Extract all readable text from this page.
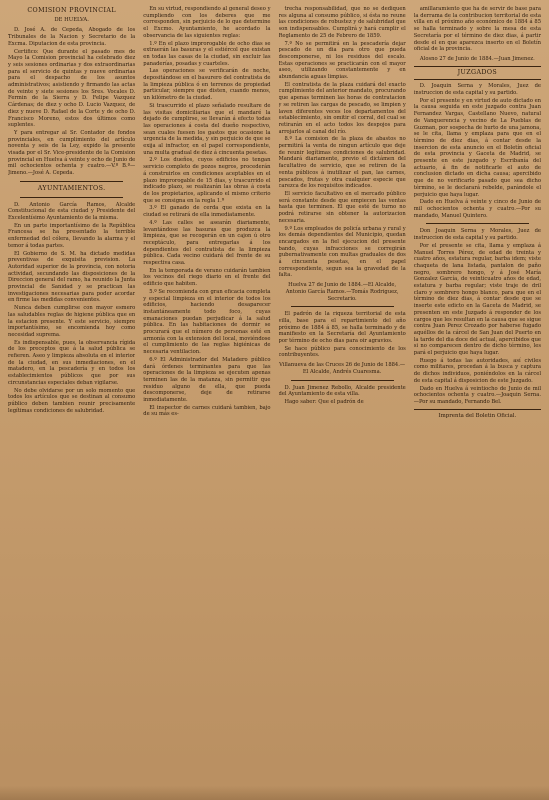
COMISION PROVINCIAL
DE HUELVA.

D. José A. de Cepeda, Abogado de los Tribunales de la Nacion y Secretario de la Excma. Diputacion de esta provincia.

Certifico: Que durante el pasado mes de Mayo la Comision provincial ha celebrado diez y seis sesiones ordinarias y dos extraordinarias para el servicio de quintas y nueve ordinarias para el despacho de los asuntos administrativos; asistiendo y firmando las actas de veinte y siete sesiones los Sres. Vocales D. Fermin de la Sierra y D. Felipe Vazquez Cárdenas; de diez y ocho D. Lucio Vazquez, de diez y nueve D. Rafael de la Corte y de ocho D. Francisco Moreno, estos dos últimos como suplentes.

Y para entregar al Sr. Contador de fondos provinciales, en cumplimiento del artículo noventa y seis de la Ley, expido la presente visada por el Sr. Vice-presidente de la Comision provincial en Huelva á veinte y ocho de Junio de mil ochocientos ochenta y cuatro.—V.º B.º—Jimeno.—José A. Cepeda.

AYUNTAMIENTOS.

D. Antonio García Ramos, Alcalde Constitucional de esta ciudad y Presidente del Excelentísimo Ayuntamiento de la misma.

En un parte importantísimo de la República Francesa se ha presentado la terrible enfermedad del cólera, llevando la alarma y el temor á todas partes.

El Gobierno de S. M. ha dictado medidas preventivas de exquisita prevision. La Autoridad superior de la provincia, con notoria actividad, secundando las disposiciones de la Direccion general del ramo, ha reunido la Junta provincial de Sanidad y se practican las investigaciones necesarias para poder acordar en firme las medidas convenientes.

Nunca deben cumplirse con mayor esmero las saludables reglas de higiene pública que en la estacion presente. Y este servicio, siempre importantísimo, se encomienda hoy como necesidad suprema.

Es indispensable, pues, la observancia rígida de los preceptos que á la salud pública se refieren. Aseo y limpieza absoluta en el interior de la ciudad, en sus inmediaciones, en el matadero, en la pescadería y en todos los establecimientos públicos que por sus circunstancias especiales deban vigilarse.

No debe olvidarse por un solo momento que todos los artículos que se destinan al consumo público deben tambien reunir precisamente legítimas condiciones de salubridad.

En su virtud, respondiendo al general deseo y cumpliendo con los deberes que me corresponden, sin perjuicio de lo que determine el Excmo. Ayuntamiento, he acordado la observancia de las siguientes reglas:

1.º En el plazo improrogable de ocho dias se extraerán las basuras y el estiércol que existan en todas las casas de la ciudad, sin excluir las panaderías, posadas y cuarteles.

Las operaciones se verificarán de noche, depositándose en el basurero del contratista de la limpieza pública ó en terrenos de propiedad particular, siempre que disten, cuando menos, un kilómetro de la ciudad.

Si trascurrido el plazo señalado resultare de las visitas domiciliarias que el mandaré la dejado de cumplirse, se llevarán á efecto todas las operaciones á costa del dueño respectivo, sean cuales fuesen los gastos que ocasione la urgencia de la medida, y sin perjuicio de que se exija al infractor, en el papel correspondiente, una multa gradual de diez á cincuenta pesetas.

2.º Los dueños, cuyos edificios no tengan servicio completo de pozos negros, procederán á construirlos en condiciones aceptables en el plazo improrogable de 15 dias, y trascurrido el indicado plazo, se realizarán las obras á costa de los propietarios, aplicando el mismo criterio que se consigna en la regla 1.ª

3.º El ganado de cerda que exista en la ciudad se retirará de ella inmediatamente.

4.º Las calles se asearán diariamente, levantándose las basuras que produzca la limpieza, que se recogerán en un cajon ú otro receptáculo, para entregarlas á los dependientes del contratista de la limpieza pública. Cada vecino cuidará del frente de su respectiva casa.

En la temporada de verano cuidarán tambien los vecinos del riego diario en el frente del edificio que habiten.

5.º Se recomienda con gran eficacia completa y especial limpieza en el interior de todos los edificios, haciendo desaparecer instantáneamente todo foco, cuyas emanaciones puedan perjudicar á la salud pública. En las habitaciones de dormir se procurará que el número de personas esté en armonía con la extension del local, moviéndose el cumplimiento de las reglas higiénicas de necesaria ventilacion.

6.º El Administrador del Matadero público dará órdenes terminantes para que las operaciones de la limpieza se ejecuten apenas terminen las de la matanza, sin permitir que residuo alguno de ella, que pueda descomponerse, deje de retirarse inmediatamente.

El inspector de carnes cuidará tambien, bajo de su más es-

trecha responsabilidad, que no se dediquen res alguna al consumo público, si ésta no reune las condiciones de robustez y de salubridad que son indispensables. Cumplirá y hará cumplir el Reglamento de 25 de Febrero de 1859.

7.º No se permitirá en la pescadería dejar pescado de un dia para otro que pueda descomponerse, ni los residuos del escalo. Estas operaciones se practicarán con el mayor aseo, utilizando constantemente y en abundancia aguas limpias.

El contratista de la plaza cuidará del exacto cumplimiento del anterior mandato, procurando que apenas terminen las horas de contratacion y se retiren las cargas de pescado, se limpien y laven diferentes veces los departamentos del establecimiento, sin omitir el corral, del cual se retirarán en el acto todos los despojos para arrojarlos al canal del río.

8.º La comision de la plaza de abastos no permitirá la venta de ningun artículo que deje de reunir legítimas condiciones de salubridad. Mandará diariamente, previo el dictámen del facultativo de servicio, que se retiren de la venta públicos á inutilizar el pan, las carnes, pescados, frutas y otra cualquier especie que carezca de los requisitos indicados.

El servicio facultativo en el mercado público será constante desde que empiecen las ventas hasta que terminen. El que esté de turno no podrá retirarse sin obtener la autorizacion necesaria.

9.º Los empleados de policía urbana y rural y los demás dependientes del Municipio, quedan encargados en la fiel ejecucion del presente bando, cuyas infracciones se corregirán gubernativamente con multas graduales de dos á cincuenta pesetas, en el papel correspondiente, segun sea la gravedad de la falta.

Huelva 27 de Junio de 1884.—El Alcalde, Antonio García Ramos.—Tomás Rodriguez, Secretario.

El padrón de la riqueza territorial de esta villa, base para el repartimiento del año próximo de 1884 á 85, se halla terminado y de manifiesto en la Secretaría del Ayuntamiento por término de ocho dias para oir agravios.

Se hace público para conocimiento de los contribuyentes.

Villanueva de las Cruces 26 de Junio de 1884.—El Alcalde, Andrés Cuaresma.

D. Juan Jimenez Rebollo, Alcalde presidente del Ayuntamiento de esta villa.

Hago saber: Que el padrón de

amillaramiento que ha de servir de base para la derrama de la contribucion territorial de esta villa en el próximo año económico de 1884 á 85 se halla terminado y sobre la mesa de esta Secretaría por el término de diez dias, á partir desde el en que aparezca inserto en el Boletín oficial de la provincia.

Alosno 27 de Junio de 1884.—Juan Jimenez.

JUZGADOS

D. Joaquin Serna y Morales, Juez de instruccion de esta capital y su partido.

Por el presente y en virtud de auto dictado en la causa seguida en este juzgado contra Juan Fernandez Vargas, Castellano Nuevo, natural de Vanquerencia y vecino de La Pueblas de Guzman, por sospecha de hurto de una jamona, se le cita, llama y emplaza para que en el término de diez dias, á contar desde la insercion de esta anuncio en el Boletín oficial de esta provincia y Gaceta de Madrid, se presente en este juzgado y Escribanía del actuario, á fin de notificarle el auto de conclusion dictado en dicha causa; apercibido que de no verificarlo pasado que sea dicho término, se le declarará rebelde, parándole el perjuicio que haya lugar.

Dado en Huelva á veinte y cinco de Junio de mil ochocientos ochenta y cuatro.—Por su mandado, Manuel Quintero.

Don Joaquin Serna y Morales, Juez de instruccion de esta capital y su partido.

Por el presente se cita, llama y emplaza á Manuel Torres Pérez, de edad de treinta y cuatro años, estatura regular, barba idem; viste chaqueta de lana listada, pantalon de paño negro, sombrero hongo, y á José María Gonzalez García, de veinticuatro años de edad, estatura y barba regular; viste traje de dril claro y sombrero hongo blanco, para que en el término de diez dias, á contar desde que se inserte este edicto en la Gaceta de Madrid, se presenten en este Juzgado á responder de los cargos que les resultan en la causa que se sigue contra Juan Perez Crozado por haberse fugado aquéllos de la cárcel de San Juan del Puerto en la tarde del dia doce del actual, apercibidos que si no comparecen dentro de dicho término, les pará el perjuicio que haya lugar.

Ruego á todas las autoridades, así civiles como militares, procedan á la busca y captura de dichos individuos, poniéndolos en la cárcel de esta capital á disposicion de este Juzgado.

Dado en Huelva á veintiocho de Junio de mil ochocientos ochenta y cuatro.—Joaquin Serna.—Por su mandado, Fernando Bel.

Imprenta del Boletin Oficial.
